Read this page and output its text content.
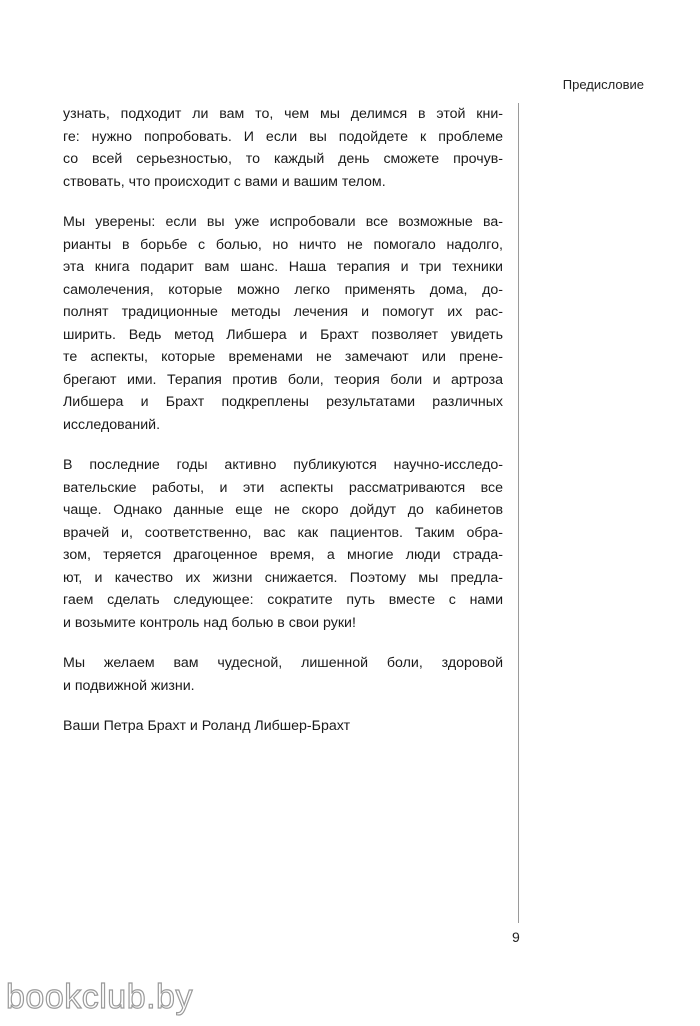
Предисловие

узнать, подходит ли вам то, чем мы делимся в этой кни-
ге: нужно попробовать. И если вы подойдете к проблеме
со всей серьезностью, то каждый день сможете прочув-
ствовать, что происходит с вами и вашим телом.

Мы уверены: если вы уже испробовали все возможные ва-
рианты в борьбе с болью, но ничто не помогало надолго,
эта книга подарит вам шанс. Наша терапия и три техники
самолечения, которые можно легко применять дома, до-
полнят традиционные методы лечения и помогут их рас-
ширить. Ведь метод Либшера и Брахт позволяет увидеть
те аспекты, которые временами не замечают или прене-
брегают ими. Терапия против боли, теория боли и артроза
Либшера и Брахт подкреплены результатами различных
исследований.

В последние годы активно публикуются научно-исследо-
вательские работы, и эти аспекты рассматриваются все
чаще. Однако данные еще не скоро дойдут до кабинетов
врачей и, соответственно, вас как пациентов. Таким обра-
зом, теряется драгоценное время, а многие люди страда-
ют, и качество их жизни снижается. Поэтому мы предла-
гаем сделать следующее: сократите путь вместе с нами
и возьмите контроль над болью в свои руки!

Мы желаем вам чудесной, лишенной боли, здоровой
и подвижной жизни.

Ваши Петра Брахт и Роланд Либшер-Брахт

9
bookclub.by
